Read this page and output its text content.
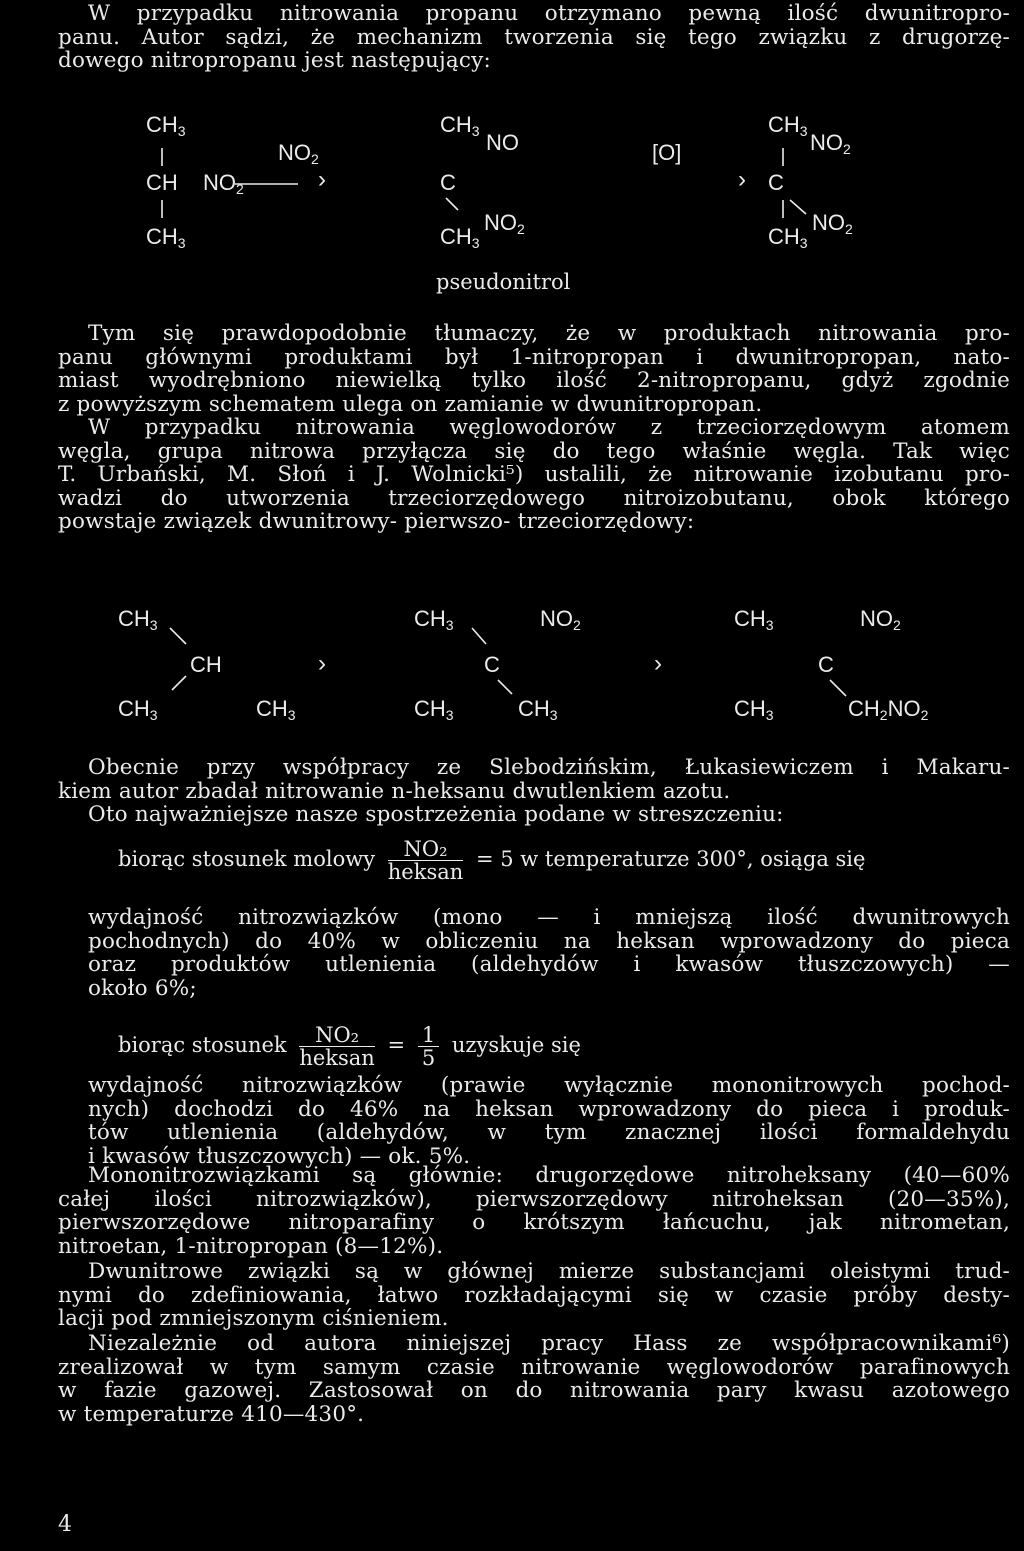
W przypadku nitrowania propanu otrzymano pewną ilość dwunitropro-
panu. Autor sądzi, że mechanizm tworzenia się tego związku z drugorzę-
dowego nitropropanu jest następujący:
$CH_3$
CH $NO_2$
$CH_3$
$NO_2$
›
$CH_3$ NO
C
$CH_3$
$NO_2$
[O]
›
$CH_3$ $NO_2$
C
$CH_3$
$NO_2$
pseudonitrol
Tym się prawdopodobnie tłumaczy, że w produktach nitrowania pro-
panu głównymi produktami był 1-nitropropan i dwunitropropan, nato-
miast wyodrębniono niewielką tylko ilość 2-nitropropanu, gdyż zgodnie
z powyższym schematem ulega on zamianie w dwunitropropan.
W przypadku nitrowania węglowodorów z trzeciorzędowym atomem
węgla, grupa nitrowa przyłącza się do tego właśnie węgla. Tak więc
T. Urbański, M. Słoń i J. Wolnicki⁵) ustalili, że nitrowanie izobutanu pro-
wadzi do utworzenia trzeciorzędowego nitroizobutanu, obok którego
powstaje związek dwunitrowy- pierwszo- trzeciorzędowy:
$CH_3$
CH
$CH_3$	$CH_3$
›
$CH_3$	$NO_2$
C
$CH_3$	$CH_3$
›
$CH_3$	$NO_2$
C
$CH_3$	$CH_2NO_2$
Obecnie przy współpracy ze Slebodzińskim, Łukasiewiczem i Makaru-
kiem autor zbadał nitrowanie n-heksanu dwutlenkiem azotu.
Oto najważniejsze nasze spostrzeżenia podane w streszczeniu:
biorąc stosunek molowy $\frac{\text{NO₂}}{\text{heksan}} = 5$ w temperaturze 300°, osiąga się
wydajność nitrozwiązków (mono — i mniejszą ilość dwunitrowych
pochodnych) do 40% w obliczeniu na heksan wprowadzony do pieca
oraz produktów utlenienia (aldehydów i kwasów tłuszczowych) —
około 6%;
biorąc stosunek $\frac{\text{NO₂}}{\text{heksan}} = \frac{1}{5}$ uzyskuje się
wydajność nitrozwiązków (prawie wyłącznie mononitrowych pochod-
nych) dochodzi do 46% na heksan wprowadzony do pieca i produk-
tów utlenienia (aldehydów, w tym znacznej ilości formaldehydu
i kwasów tłuszczowych) — ok. 5%.
Mononitrozwiązkami są głównie: drugorzędowe nitroheksany (40—60%
całej ilości nitrozwiązków), pierwszorzędowy nitroheksan (20—35%),
pierwszorzędowe nitroparafiny o krótszym łańcuchu, jak nitrometan,
nitroetan, 1-nitropropan (8—12%).
Dwunitrowe związki są w głównej mierze substancjami oleistymi trud-
nymi do zdefiniowania, łatwo rozkładającymi się w czasie próby desty-
lacji pod zmniejszonym ciśnieniem.
Niezależnie od autora niniejszej pracy Hass ze współpracownikami⁶)
zrealizował w tym samym czasie nitrowanie węglowodorów parafinowych
w fazie gazowej. Zastosował on do nitrowania pary kwasu azotowego
w temperaturze 410—430°.
4
